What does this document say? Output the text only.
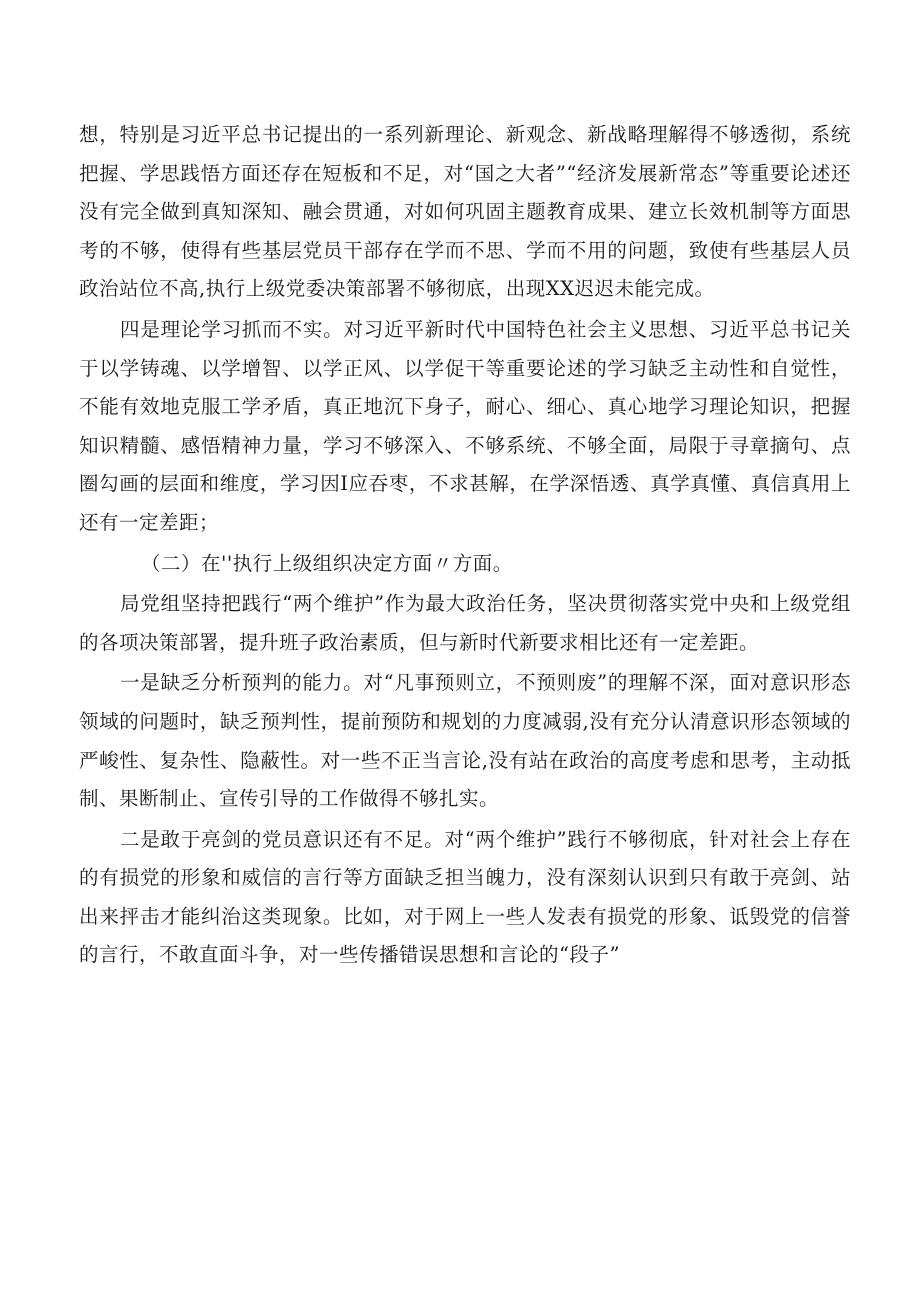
想，特别是习近平总书记提出的一系列新理论、新观念、新战略理解得不够透彻，系统把握、学思践悟方面还存在短板和不足，对“国之大者”“经济发展新常态”等重要论述还没有完全做到真知深知、融会贯通，对如何巩固主题教育成果、建立长效机制等方面思考的不够，使得有些基层党员干部存在学而不思、学而不用的问题，致使有些基层人员政治站位不高,执行上级党委决策部署不够彻底，出现XX迟迟未能完成。

四是理论学习抓而不实。对习近平新时代中国特色社会主义思想、习近平总书记关于以学铸魂、以学增智、以学正风、以学促干等重要论述的学习缺乏主动性和自觉性，不能有效地克服工学矛盾，真正地沉下身子，耐心、细心、真心地学习理论知识，把握知识精髓、感悟精神力量，学习不够深入、不够系统、不够全面，局限于寻章摘句、点圈勾画的层面和维度，学习因I应吞枣，不求甚解，在学深悟透、真学真懂、真信真用上还有一定差距；

（二）在''执行上级组织决定方面〃方面。

局党组坚持把践行“两个维护”作为最大政治任务，坚决贯彻落实党中央和上级党组的各项决策部署，提升班子政治素质，但与新时代新要求相比还有一定差距。

一是缺乏分析预判的能力。对“凡事预则立，不预则废”的理解不深，面对意识形态领域的问题时，缺乏预判性，提前预防和规划的力度减弱,没有充分认清意识形态领域的严峻性、复杂性、隐蔽性。对一些不正当言论,没有站在政治的高度考虑和思考，主动抵制、果断制止、宣传引导的工作做得不够扎实。

二是敢于亮剑的党员意识还有不足。对“两个维护”践行不够彻底，针对社会上存在的有损党的形象和威信的言行等方面缺乏担当魄力，没有深刻认识到只有敢于亮剑、站出来抨击才能纠治这类现象。比如，对于网上一些人发表有损党的形象、诋毁党的信誉的言行，不敢直面斗争，对一些传播错误思想和言论的“段子”
